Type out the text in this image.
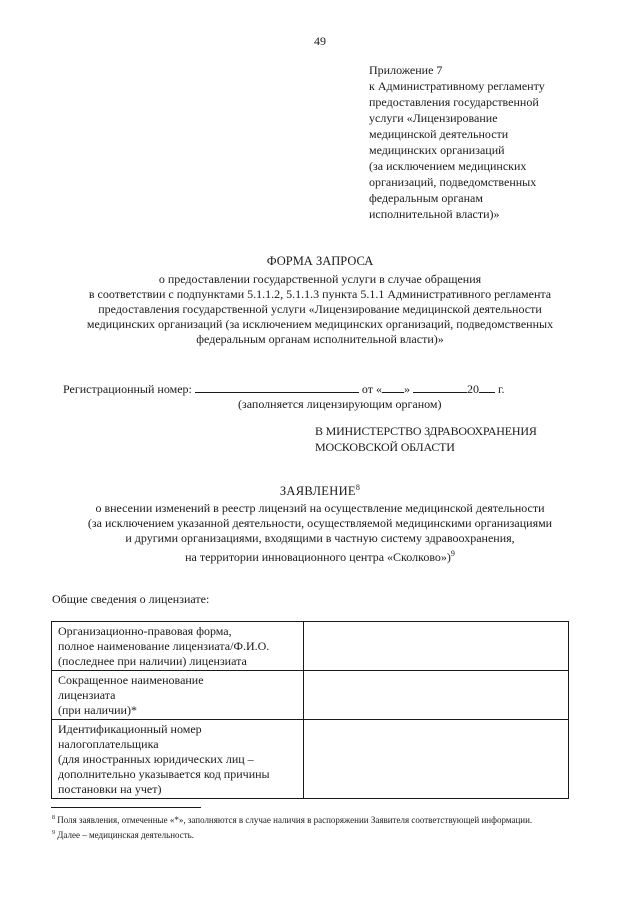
49
Приложение 7
к Административному регламенту
предоставления государственной
услуги «Лицензирование
медицинской деятельности
медицинских организаций
(за исключением медицинских
организаций, подведомственных
федеральным органам
исполнительной власти)»
ФОРМА ЗАПРОСА
о предоставлении государственной услуги в случае обращения
в соответствии с подпунктами 5.1.1.2, 5.1.1.3 пункта 5.1.1 Административного регламента
предоставления государственной услуги «Лицензирование медицинской деятельности
медицинских организаций (за исключением медицинских организаций, подведомственных
федеральным органам исполнительной власти)»
Регистрационный номер:	от « »	20 г.
(заполняется лицензирующим органом)
В МИНИСТЕРСТВО ЗДРАВООХРАНЕНИЯ
МОСКОВСКОЙ ОБЛАСТИ
ЗАЯВЛЕНИЕ$^8$
о внесении изменений в реестр лицензий на осуществление медицинской деятельности
(за исключением указанной деятельности, осуществляемой медицинскими организациями
и другими организациями, входящими в частную систему здравоохранения,
на территории инновационного центра «Сколково»)$^9$
Общие сведения о лицензиате:
Организационно-правовая форма,
полное наименование лицензиата/Ф.И.О.
(последнее при наличии) лицензиата	

Сокращенное наименование
лицензиата
(при наличии)*	

Идентификационный номер
налогоплательщика
(для иностранных юридических лиц –
дополнительно указывается код причины
постановки на учет)	

$^8$ Поля заявления, отмеченные «*», заполняются в случае наличия в распоряжении Заявителя соответствующей информации.
$^9$ Далее – медицинская деятельность.
